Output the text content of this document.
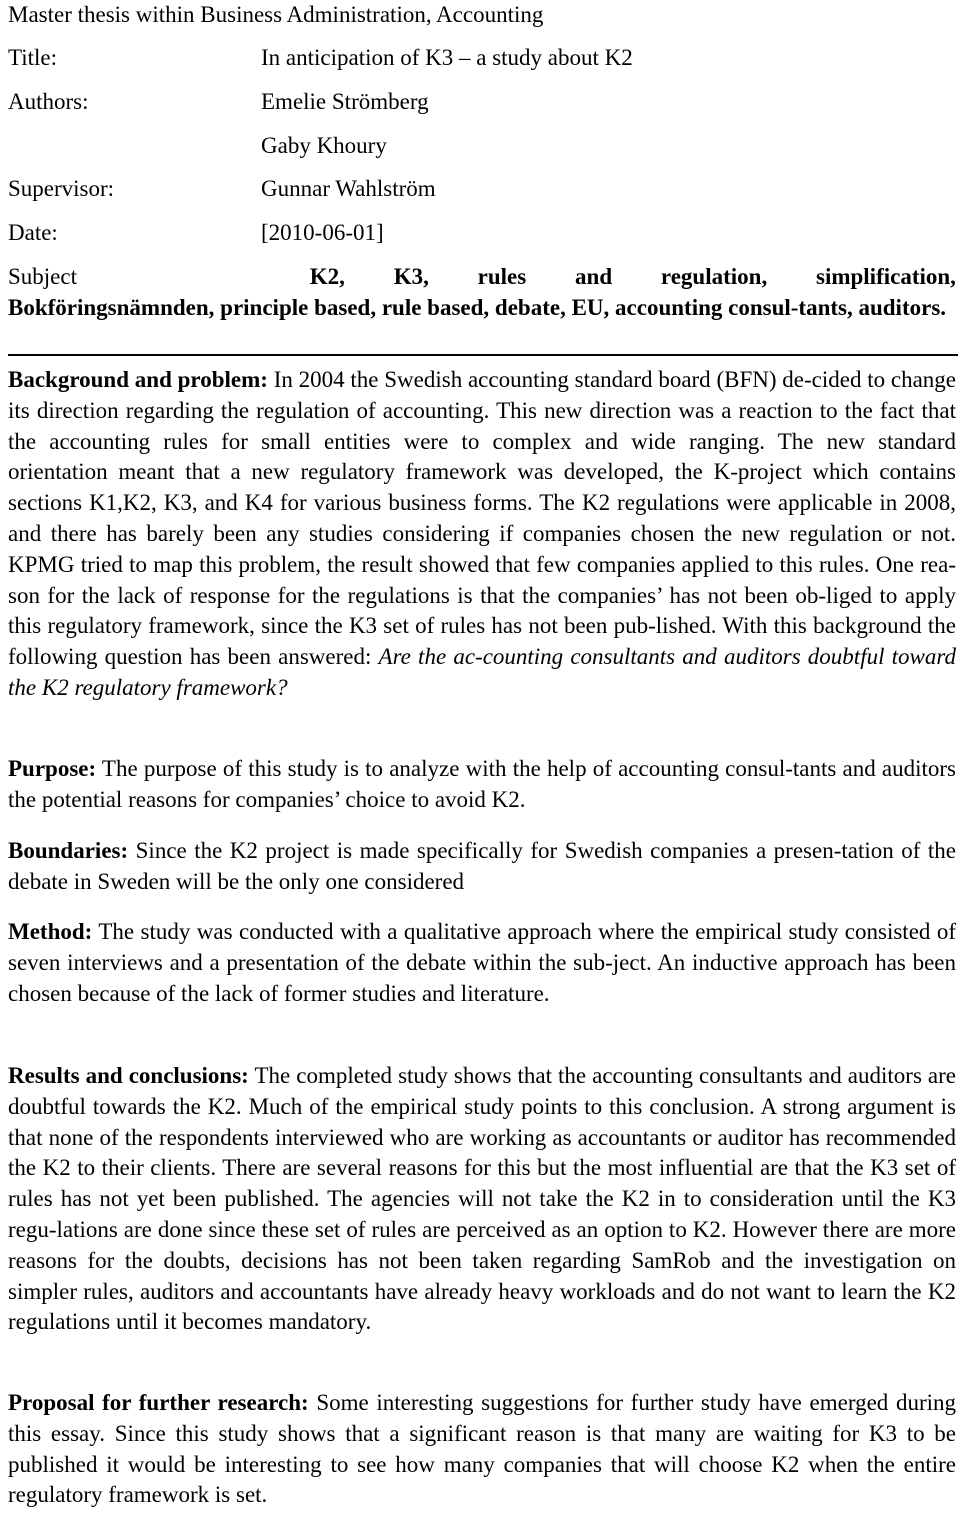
Master thesis within Business Administration, Accounting
Title:	In anticipation of K3 – a study about K2
Authors:	Emelie Strömberg
Gaby Khoury
Supervisor:	Gunnar Wahlström
Date:	[2010-06-01]
Subject	K2, K3, rules and regulation, simplification,
Bokföringsnämnden, principle based, rule based, debate, EU, accounting consul-tants, auditors.
Background and problem: In 2004 the Swedish accounting standard board (BFN) de-cided to change its direction regarding the regulation of accounting. This new direction was a reaction to the fact that the accounting rules for small entities were to complex and wide ranging. The new standard orientation meant that a new regulatory framework was developed, the K-project which contains sections K1,K2, K3, and K4 for various business forms. The K2 regulations were applicable in 2008, and there has barely been any studies considering if companies chosen the new regulation or not. KPMG tried to map this problem, the result showed that few companies applied to this rules. One rea-son for the lack of response for the regulations is that the companies’ has not been ob-liged to apply this regulatory framework, since the K3 set of rules has not been pub-lished. With this background the following question has been answered: Are the ac-counting consultants and auditors doubtful toward the K2 regulatory framework?
Purpose: The purpose of this study is to analyze with the help of accounting consul-tants and auditors the potential reasons for companies’ choice to avoid K2.
Boundaries: Since the K2 project is made specifically for Swedish companies a presen-tation of the debate in Sweden will be the only one considered
Method: The study was conducted with a qualitative approach where the empirical study consisted of seven interviews and a presentation of the debate within the sub-ject. An inductive approach has been chosen because of the lack of former studies and literature.
Results and conclusions: The completed study shows that the accounting consultants and auditors are doubtful towards the K2. Much of the empirical study points to this conclusion. A strong argument is that none of the respondents interviewed who are working as accountants or auditor has recommended the K2 to their clients. There are several reasons for this but the most influential are that the K3 set of rules has not yet been published. The agencies will not take the K2 in to consideration until the K3 regu-lations are done since these set of rules are perceived as an option to K2. However there are more reasons for the doubts, decisions has not been taken regarding SamRob and the investigation on simpler rules, auditors and accountants have already heavy workloads and do not want to learn the K2 regulations until it becomes mandatory.
Proposal for further research: Some interesting suggestions for further study have emerged during this essay. Since this study shows that a significant reason is that many are waiting for K3 to be published it would be interesting to see how many companies that will choose K2 when the entire regulatory framework is set.
